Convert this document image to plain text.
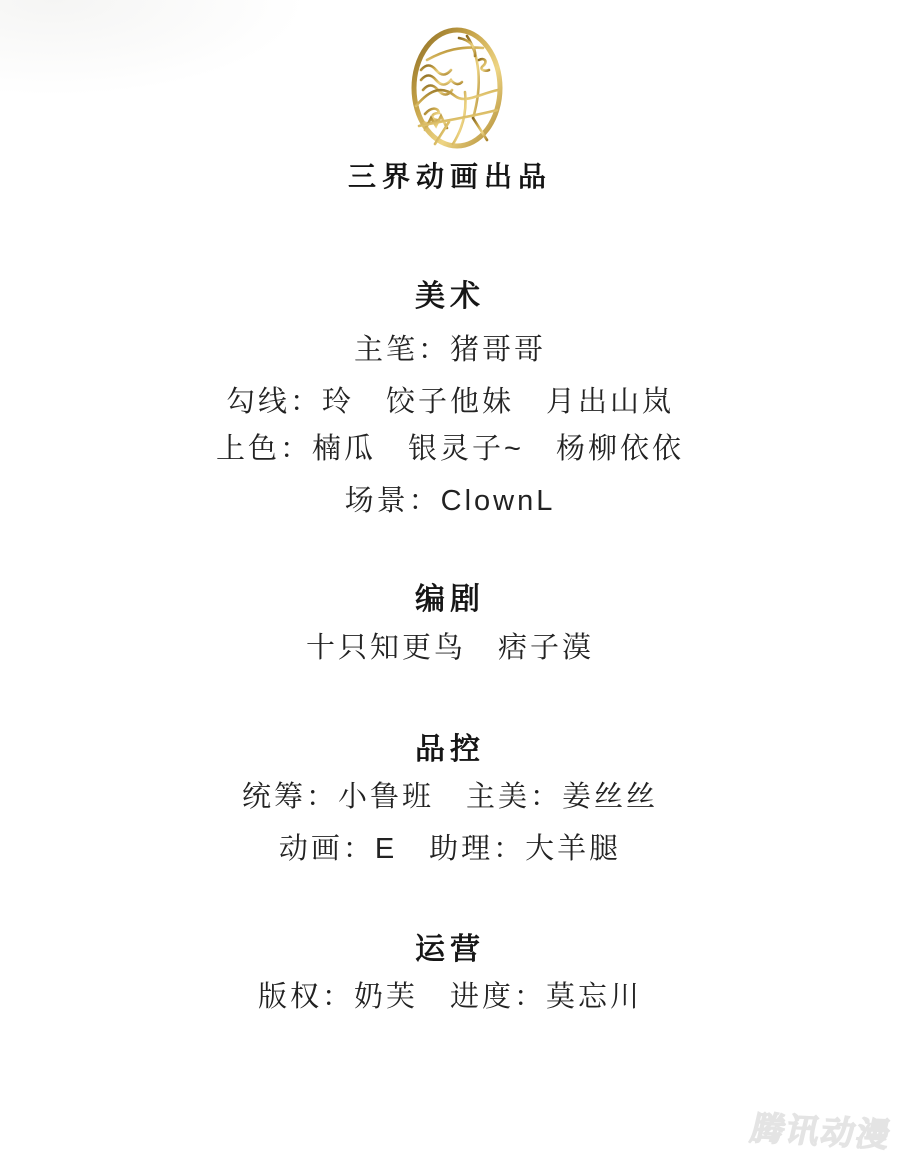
三界动画出品
美术
主笔：猪哥哥
勾线：玲　饺子他妹　月出山岚
上色：楠瓜　银灵子~　杨柳依依
场景：ClownL
编剧
十只知更鸟　痞子漠
品控
统筹：小鲁班　主美：姜丝丝
动画：E　助理：大羊腿
运营
版权：奶芙　进度：莫忘川
腾讯动漫
